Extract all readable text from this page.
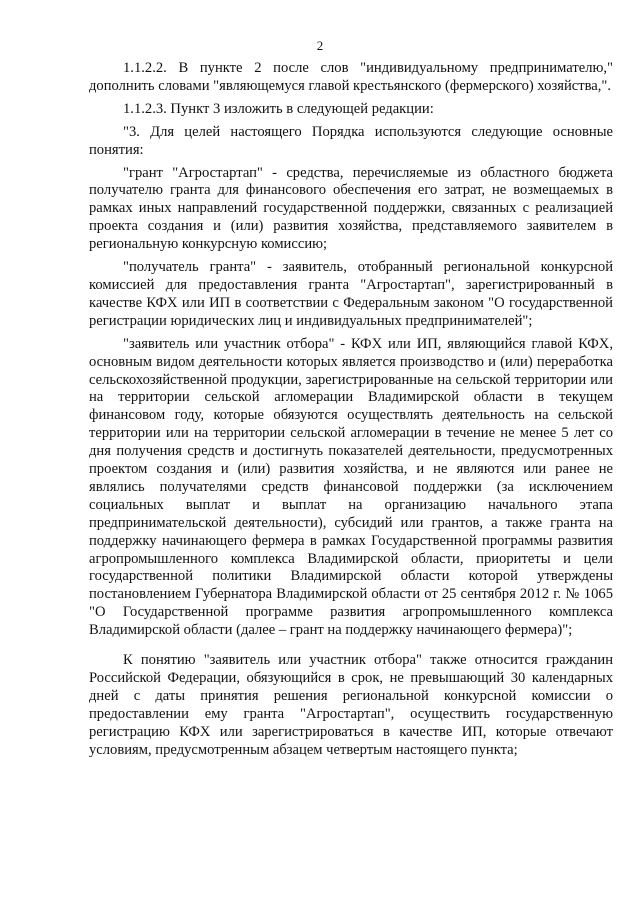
2

1.1.2.2. В пункте 2 после слов "индивидуальному предпринимателю," дополнить словами "являющемуся главой крестьянского (фермерского) хозяйства,".

1.1.2.3. Пункт 3 изложить в следующей редакции:

"3. Для целей настоящего Порядка используются следующие основные понятия:

"грант "Агростартап" - средства, перечисляемые из областного бюджета получателю гранта для финансового обеспечения его затрат, не возмещаемых в рамках иных направлений государственной поддержки, связанных с реализацией проекта создания и (или) развития хозяйства, представляемого заявителем в региональную конкурсную комиссию;

"получатель гранта" - заявитель, отобранный региональной конкурсной комиссией для предоставления гранта "Агростартап", зарегистрированный в качестве КФХ или ИП в соответствии с Федеральным законом "О государственной регистрации юридических лиц и индивидуальных предпринимателей";

"заявитель или участник отбора" - КФХ или ИП, являющийся главой КФХ, основным видом деятельности которых является производство и (или) переработка сельскохозяйственной продукции, зарегистрированные на сельской территории или на территории сельской агломерации Владимирской области в текущем финансовом году, которые обязуются осуществлять деятельность на сельской территории или на территории сельской агломерации в течение не менее 5 лет со дня получения средств и достигнуть показателей деятельности, предусмотренных проектом создания и (или) развития хозяйства, и не являются или ранее не являлись получателями средств финансовой поддержки (за исключением социальных выплат и выплат на организацию начального этапа предпринимательской деятельности), субсидий или грантов, а также гранта на поддержку начинающего фермера в рамках Государственной программы развития агропромышленного комплекса Владимирской области, приоритеты и цели государственной политики Владимирской области которой утверждены постановлением Губернатора Владимирской области от 25 сентября 2012 г. № 1065 "О Государственной программе развития агропромышленного комплекса Владимирской области (далее – грант на поддержку начинающего фермера)";

К понятию "заявитель или участник отбора" также относится гражданин Российской Федерации, обязующийся в срок, не превышающий 30 календарных дней с даты принятия решения региональной конкурсной комиссии о предоставлении ему гранта "Агростартап", осуществить государственную регистрацию КФХ или зарегистрироваться в качестве ИП, которые отвечают условиям, предусмотренным абзацем четвертым настоящего пункта;
